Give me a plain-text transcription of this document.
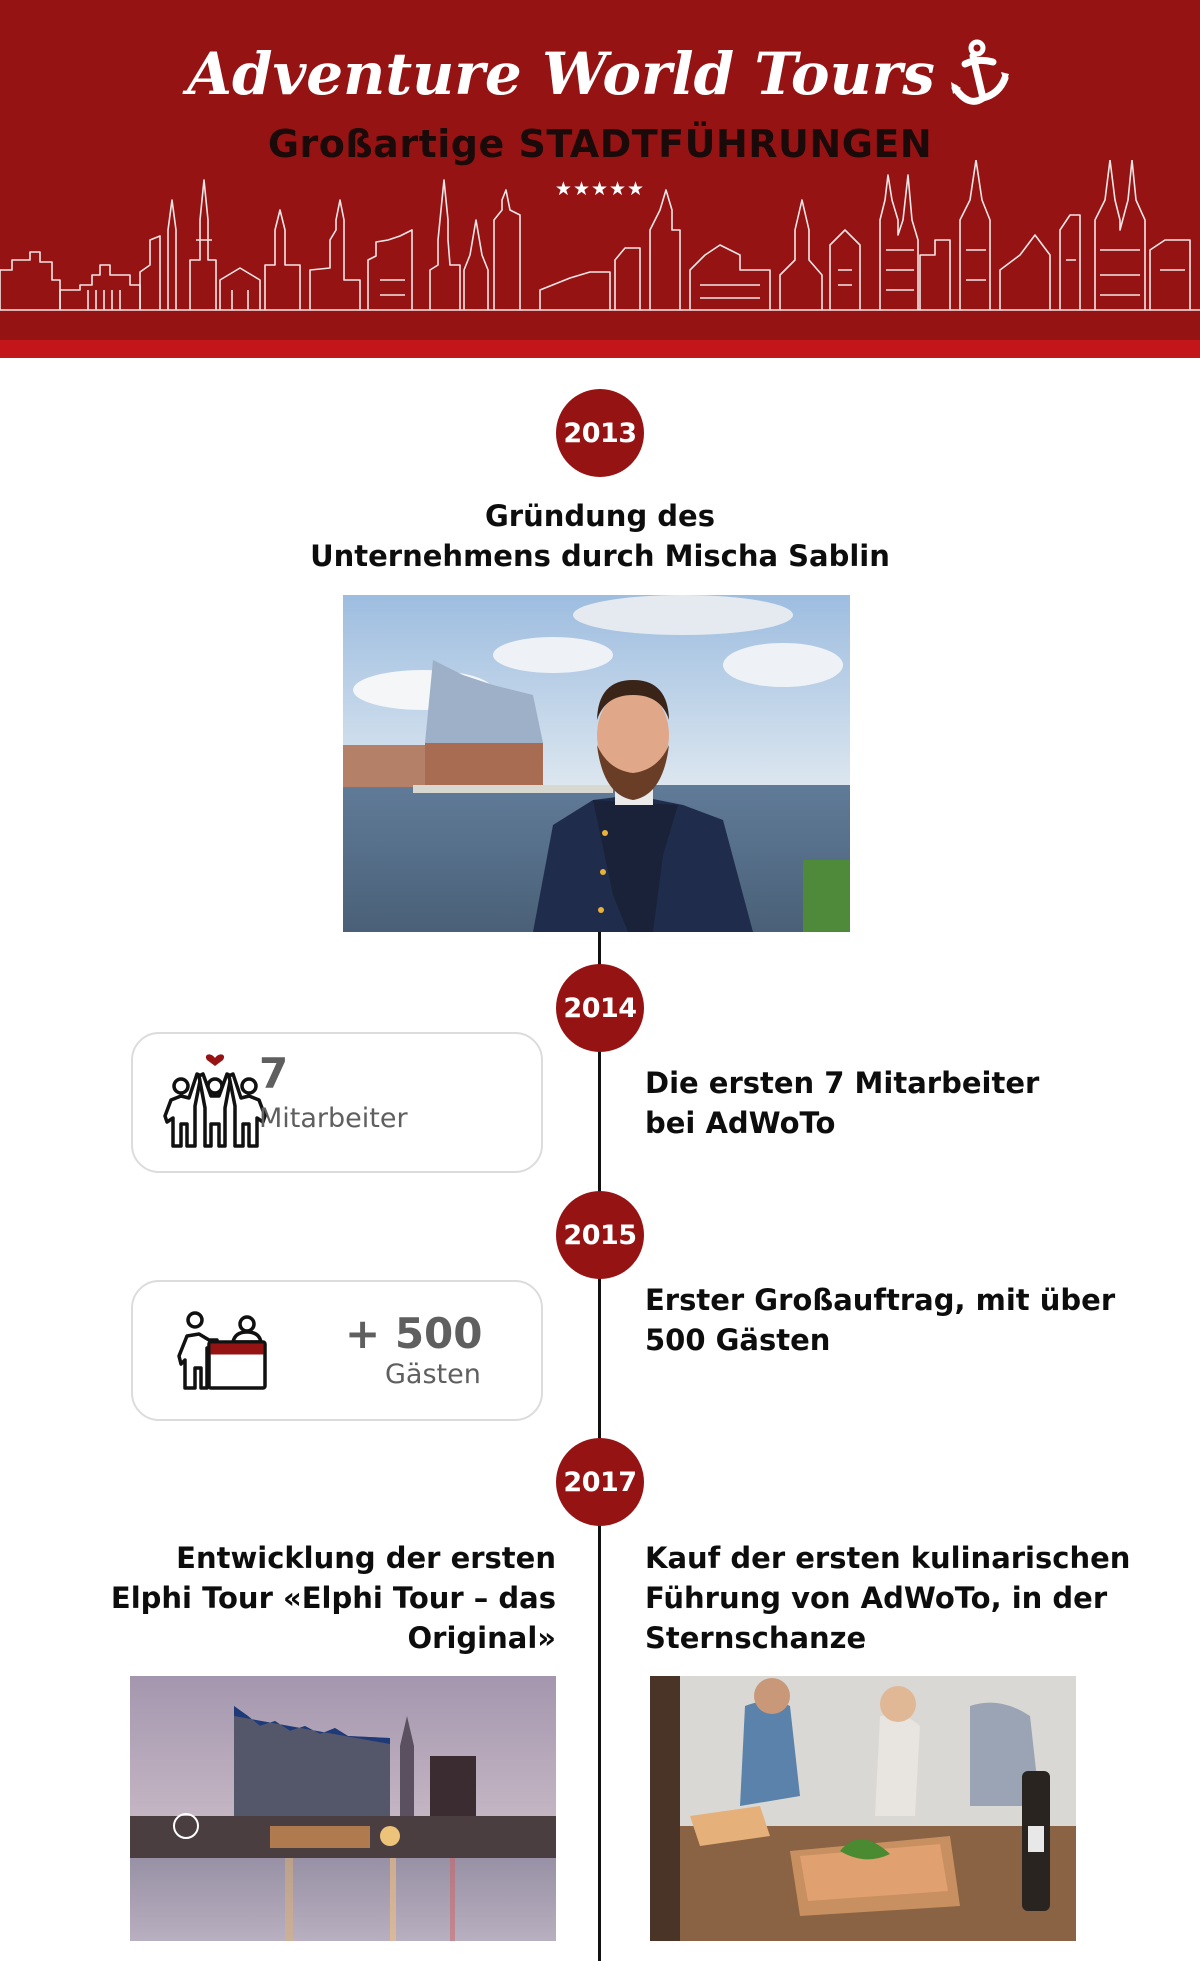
Adventure World Tours
Großartige STADTFÜHRUNGEN
★★★★★
2013
Gründung des
Unternehmens durch Mischa Sablin
2014
7
Mitarbeiter
Die ersten 7 Mitarbeiter
bei AdWoTo
2015
+ 500
Gästen
Erster Großauftrag, mit über
500 Gästen
2017
Entwicklung der ersten
Elphi Tour «Elphi Tour – das
Original»
Kauf der ersten kulinarischen
Führung von AdWoTo, in der
Sternschanze
